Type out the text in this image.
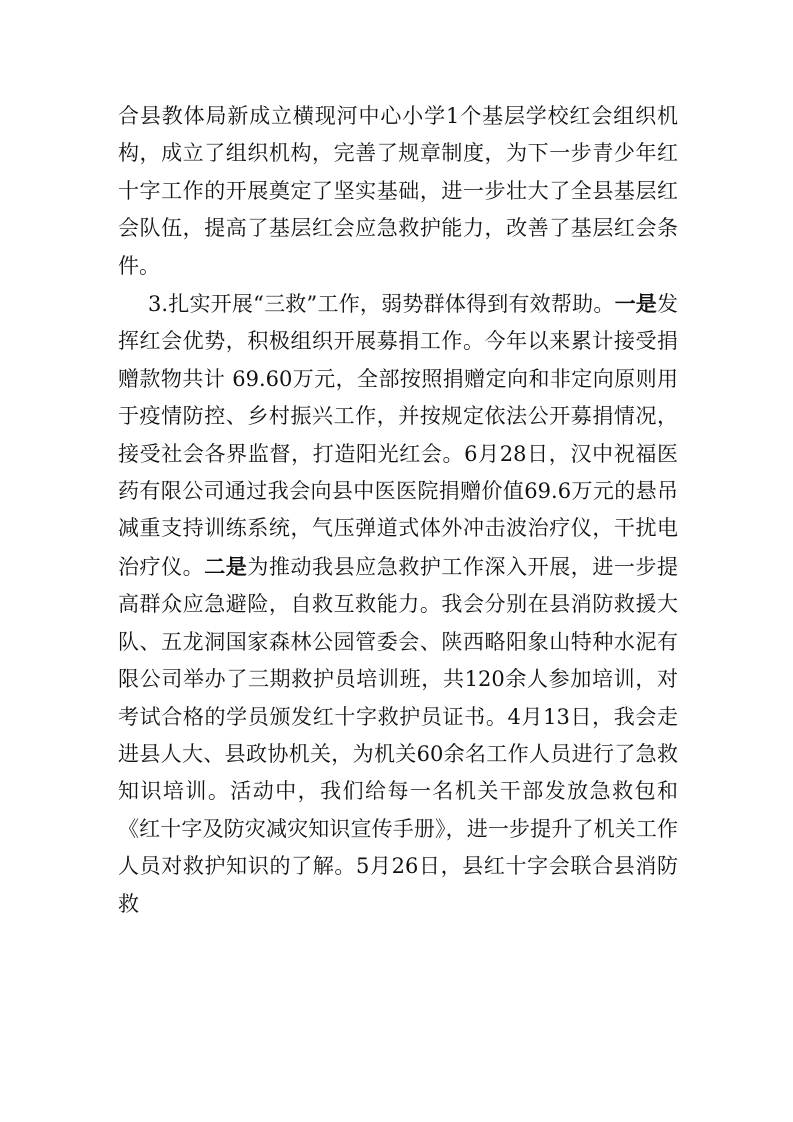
合县教体局新成立横现河中心小学1个基层学校红会组织机构，成立了组织机构，完善了规章制度，为下一步青少年红十字工作的开展奠定了坚实基础，进一步壮大了全县基层红会队伍，提高了基层红会应急救护能力，改善了基层红会条件。

3.扎实开展“三救”工作，弱势群体得到有效帮助。一是发挥红会优势，积极组织开展募捐工作。今年以来累计接受捐赠款物共计 69.60万元，全部按照捐赠定向和非定向原则用于疫情防控、乡村振兴工作，并按规定依法公开募捐情况，接受社会各界监督，打造阳光红会。6月28日，汉中祝福医药有限公司通过我会向县中医医院捐赠价值69.6万元的悬吊减重支持训练系统，气压弹道式体外冲击波治疗仪，干扰电治疗仪。二是为推动我县应急救护工作深入开展，进一步提高群众应急避险，自救互救能力。我会分别在县消防救援大队、五龙洞国家森林公园管委会、陕西略阳象山特种水泥有限公司举办了三期救护员培训班，共120余人参加培训，对考试合格的学员颁发红十字救护员证书。4月13日，我会走进县人大、县政协机关，为机关60余名工作人员进行了急救知识培训。活动中，我们给每一名机关干部发放急救包和《红十字及防灾减灾知识宣传手册》，进一步提升了机关工作人员对救护知识的了解。5月26日，县红十字会联合县消防救
